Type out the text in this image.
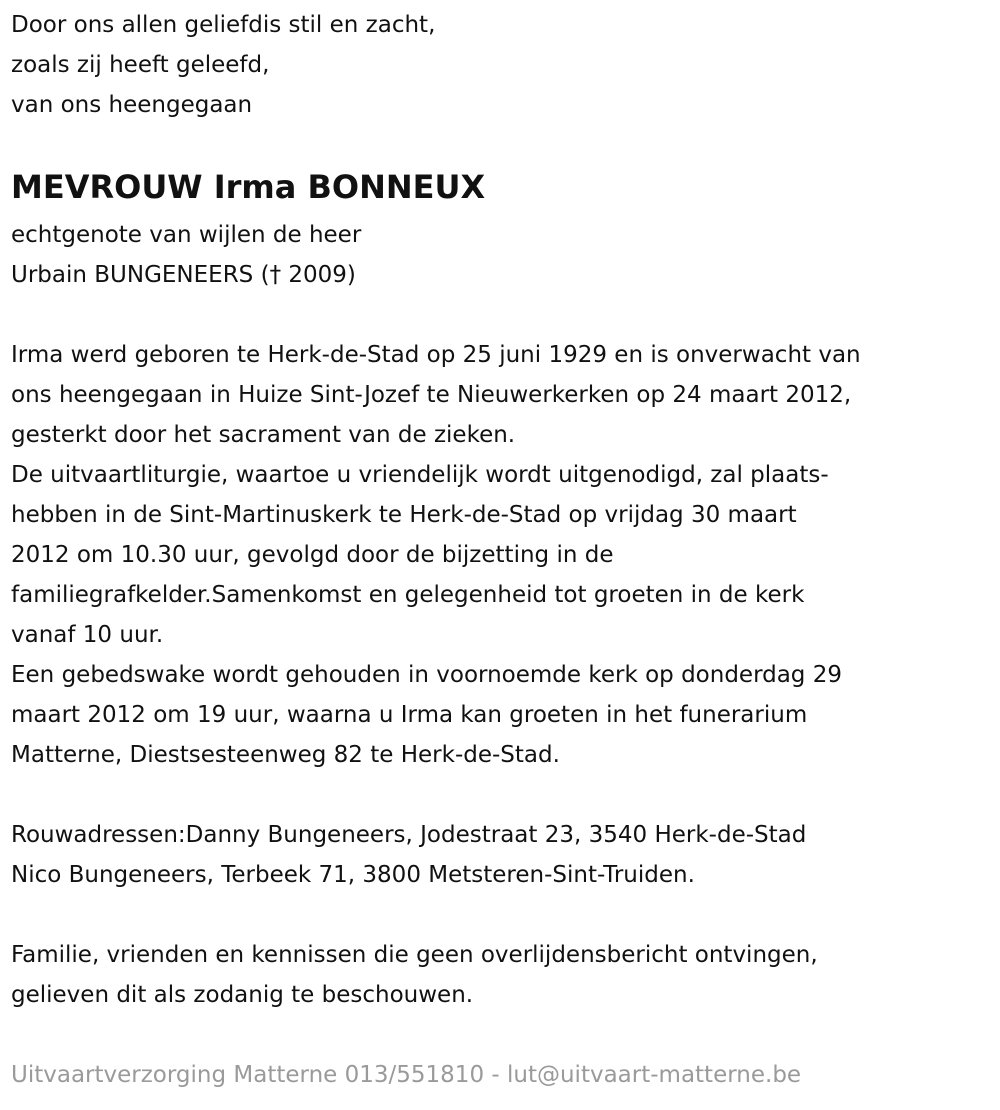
Door ons allen geliefdis stil en zacht,
zoals zij heeft geleefd,
van ons heengegaan
MEVROUW Irma BONNEUX
echtgenote van wijlen de heer
Urbain BUNGENEERS († 2009)
Irma werd geboren te Herk-de-Stad op 25 juni 1929 en is onverwacht van
ons heengegaan in Huize Sint-Jozef te Nieuwerkerken op 24 maart 2012,
gesterkt door het sacrament van de zieken.
De uitvaartliturgie, waartoe u vriendelijk wordt uitgenodigd, zal plaats-
hebben in de Sint-Martinuskerk te Herk-de-Stad op vrijdag 30 maart
2012 om 10.30 uur, gevolgd door de bijzetting in de
familiegrafkelder.Samenkomst en gelegenheid tot groeten in de kerk
vanaf 10 uur.
Een gebedswake wordt gehouden in voornoemde kerk op donderdag 29
maart 2012 om 19 uur, waarna u Irma kan groeten in het funerarium
Matterne, Diestsesteenweg 82 te Herk-de-Stad.
Rouwadressen:Danny Bungeneers, Jodestraat 23, 3540 Herk-de-Stad
Nico Bungeneers, Terbeek 71, 3800 Metsteren-Sint-Truiden.
Familie, vrienden en kennissen die geen overlijdensbericht ontvingen,
gelieven dit als zodanig te beschouwen.
Uitvaartverzorging Matterne 013/551810 - lut@uitvaart-matterne.be
